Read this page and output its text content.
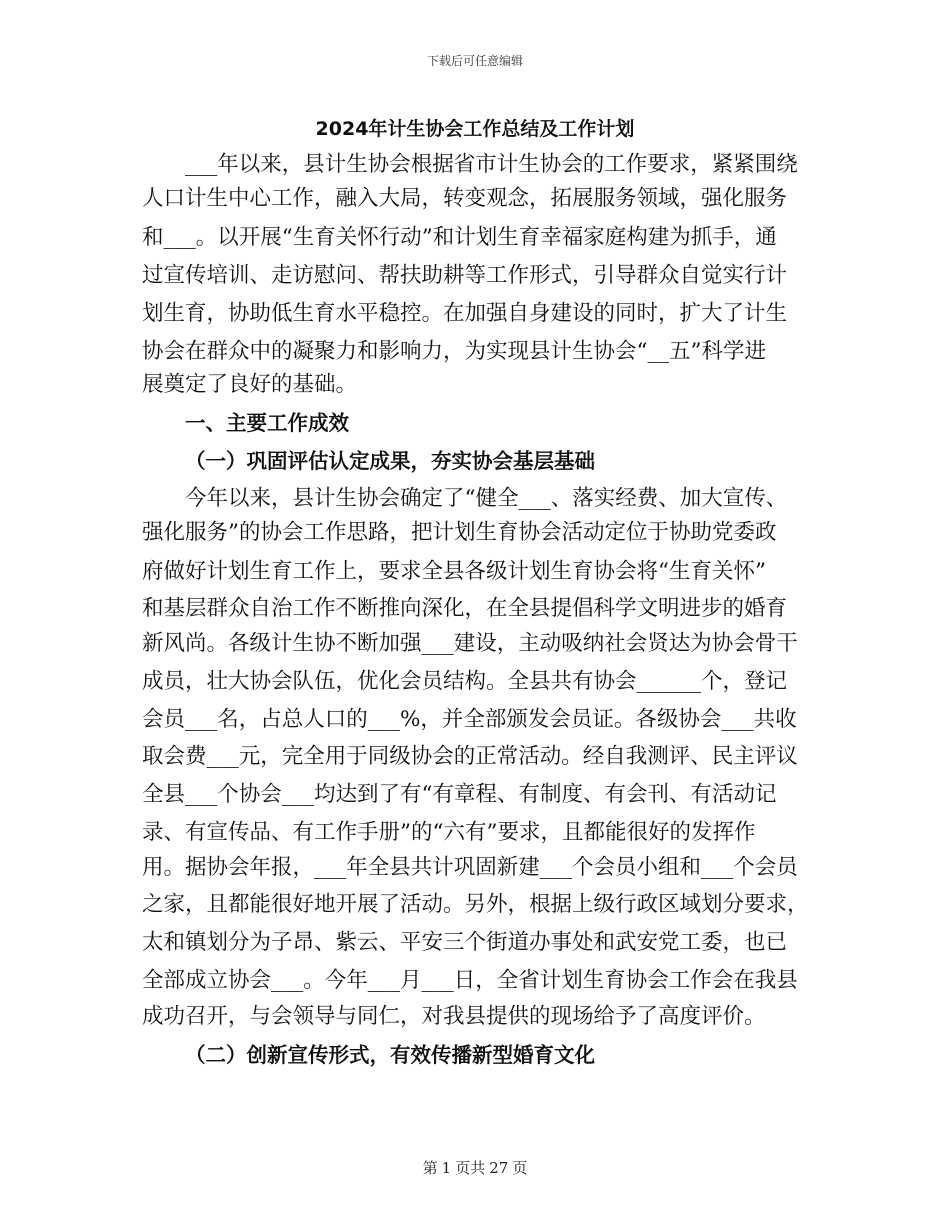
下载后可任意编辑
2024年计生协会工作总结及工作计划

___年以来，县计生协会根据省市计生协会的工作要求，紧紧围绕

人口计生中心工作，融入大局，转变观念，拓展服务领域，强化服务

和___。以开展“生育关怀行动”和计划生育幸福家庭构建为抓手，通

过宣传培训、走访慰问、帮扶助耕等工作形式，引导群众自觉实行计

划生育，协助低生育水平稳控。在加强自身建设的同时，扩大了计生

协会在群众中的凝聚力和影响力，为实现县计生协会“__五”科学进

展奠定了良好的基础。

一、主要工作成效

（一）巩固评估认定成果，夯实协会基层基础

今年以来，县计生协会确定了“健全___、落实经费、加大宣传、

强化服务”的协会工作思路，把计划生育协会活动定位于协助党委政

府做好计划生育工作上，要求全县各级计划生育协会将“生育关怀”

和基层群众自治工作不断推向深化，在全县提倡科学文明进步的婚育

新风尚。各级计生协不断加强___建设，主动吸纳社会贤达为协会骨干

成员，壮大协会队伍，优化会员结构。全县共有协会______个，登记

会员___名，占总人口的___%，并全部颁发会员证。各级协会___共收

取会费___元，完全用于同级协会的正常活动。经自我测评、民主评议

全县___个协会___均达到了有“有章程、有制度、有会刊、有活动记

录、有宣传品、有工作手册”的“六有”要求，且都能很好的发挥作

用。据协会年报，___年全县共计巩固新建___个会员小组和___个会员

之家，且都能很好地开展了活动。另外，根据上级行政区域划分要求，

太和镇划分为子昂、紫云、平安三个街道办事处和武安党工委，也已

全部成立协会___。今年___月___日，全省计划生育协会工作会在我县

成功召开，与会领导与同仁，对我县提供的现场给予了高度评价。

（二）创新宣传形式，有效传播新型婚育文化

第 1 页共 27 页
